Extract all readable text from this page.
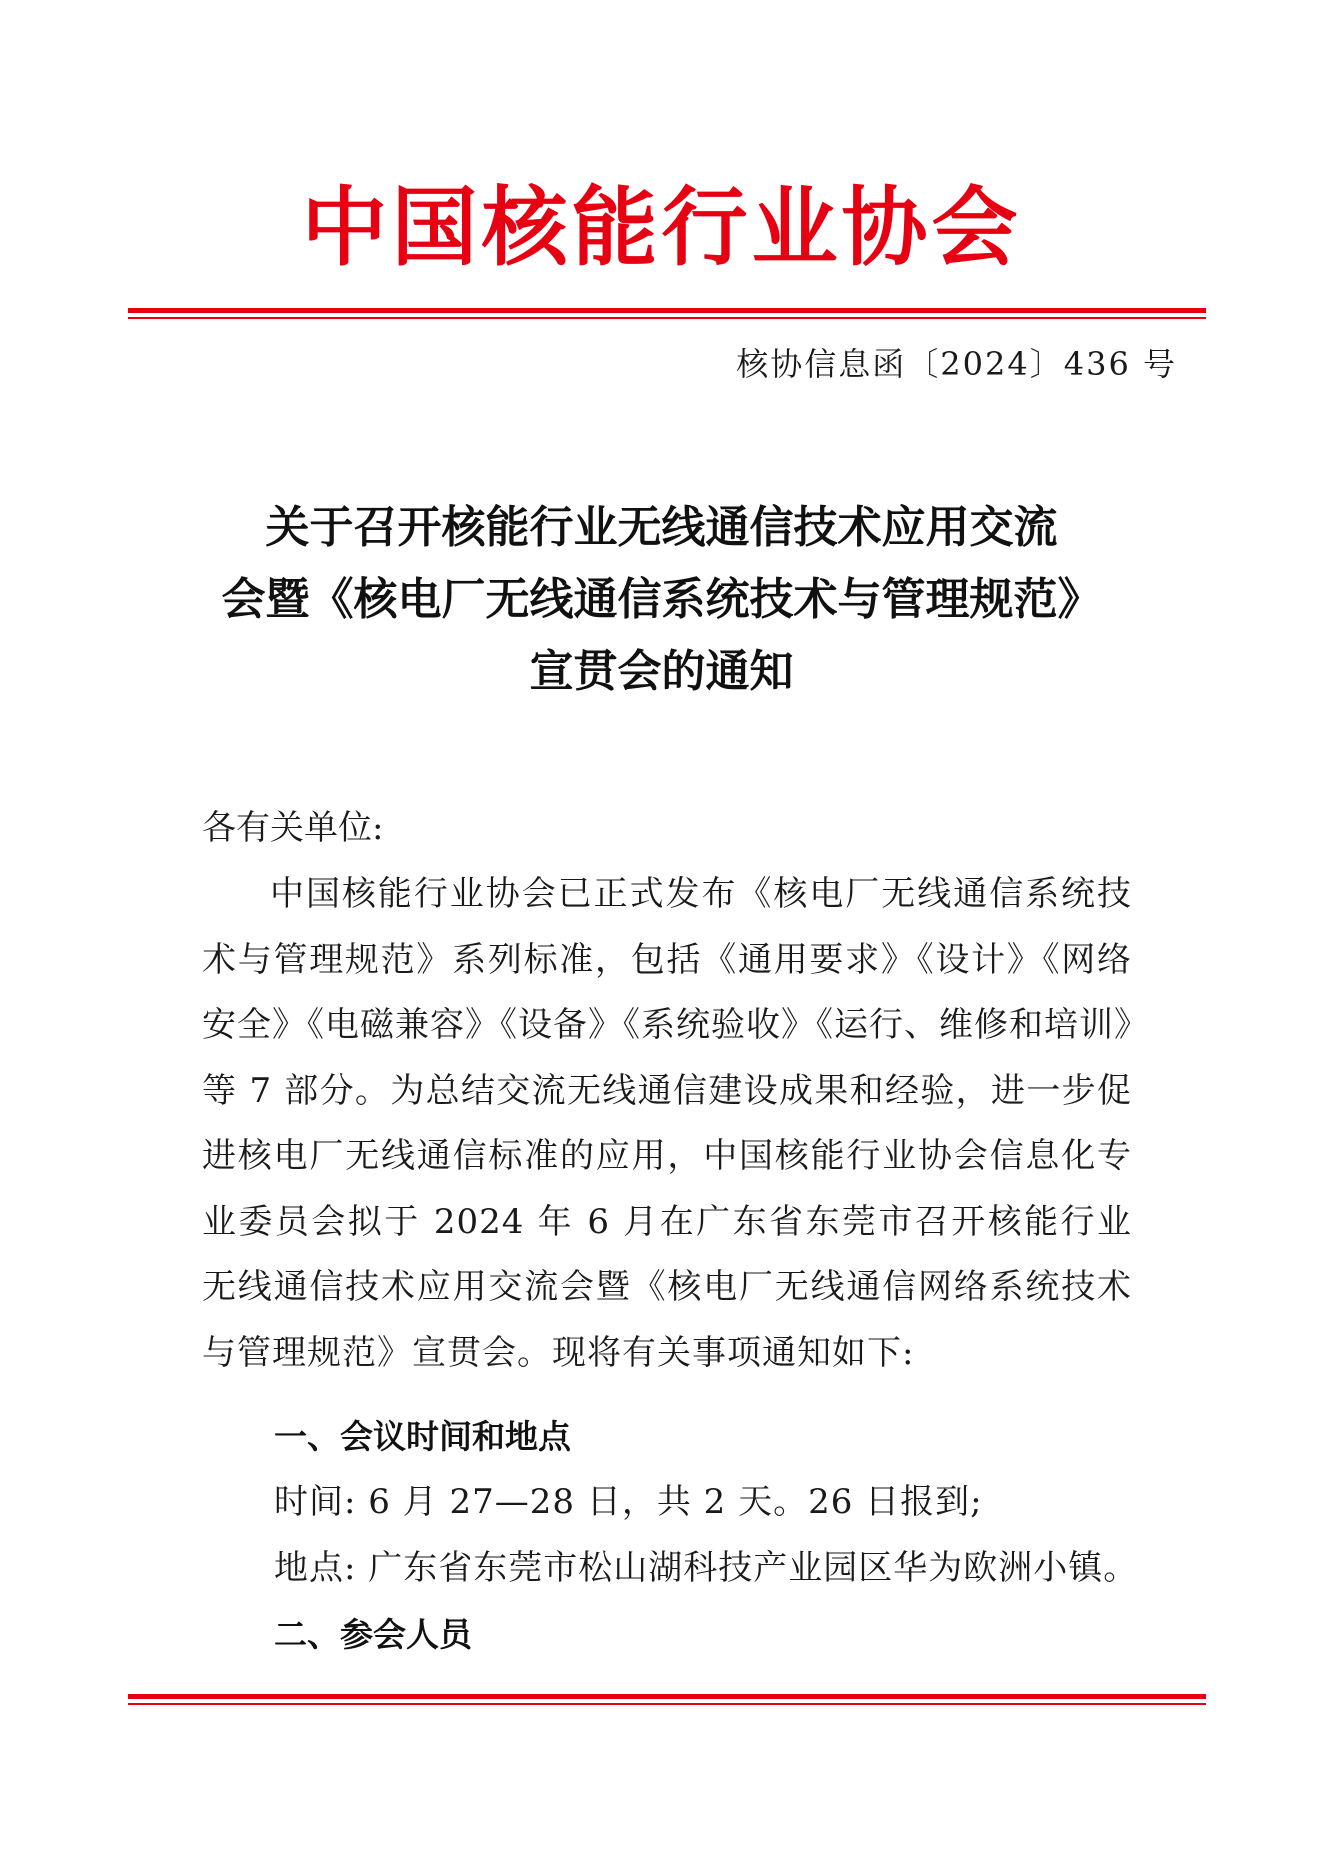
中国核能行业协会
核协信息函〔2024〕436 号
关于召开核能行业无线通信技术应用交流
会暨《核电厂无线通信系统技术与管理规范》
宣贯会的通知
各有关单位:
中国核能行业协会已正式发布《核电厂无线通信系统技术与管理规范》系列标准，包括《通用要求》《设计》《网络安全》《电磁兼容》《设备》《系统验收》《运行、维修和培训》等 7 部分。为总结交流无线通信建设成果和经验，进一步促进核电厂无线通信标准的应用，中国核能行业协会信息化专业委员会拟于 2024 年 6 月在广东省东莞市召开核能行业无线通信技术应用交流会暨《核电厂无线通信网络系统技术与管理规范》宣贯会。现将有关事项通知如下:
一、会议时间和地点
时间: 6 月 27—28 日，共 2 天。26 日报到;
地点: 广东省东莞市松山湖科技产业园区华为欧洲小镇。
二、参会人员
